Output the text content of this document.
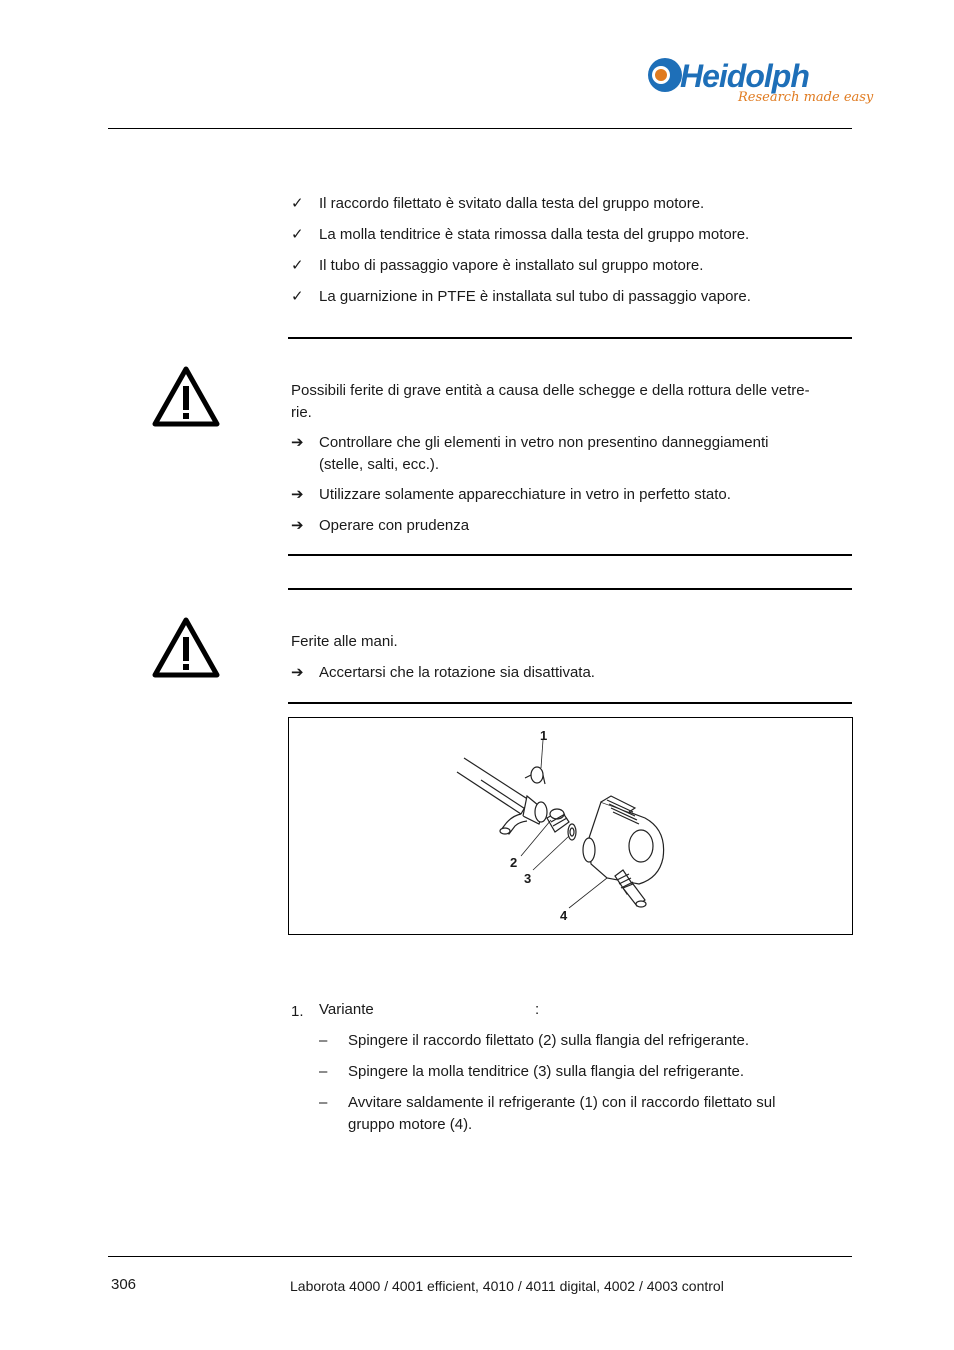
Heidolph
Research made easy
✓ Il raccordo filettato è svitato dalla testa del gruppo motore.
✓ La molla tenditrice è stata rimossa dalla testa del gruppo motore.
✓ Il tubo di passaggio vapore è installato sul gruppo motore.
✓ La guarnizione in PTFE è installata sul tubo di passaggio vapore.
Possibili ferite di grave entità a causa delle schegge e della rottura delle vetre-
rie.
➔ Controllare che gli elementi in vetro non presentino danneggiamenti
(stelle, salti, ecc.).
➔ Utilizzare solamente apparecchiature in vetro in perfetto stato.
➔ Operare con prudenza
Ferite alle mani.
➔ Accertarsi che la rotazione sia disattivata.
1
2
3
4
1. Variante	:
– Spingere il raccordo filettato (2) sulla flangia del refrigerante.
– Spingere la molla tenditrice (3) sulla flangia del refrigerante.
– Avvitare saldamente il refrigerante (1) con il raccordo filettato sul
gruppo motore (4).
306	Laborota 4000 / 4001 efficient, 4010 / 4011 digital, 4002 / 4003 control
